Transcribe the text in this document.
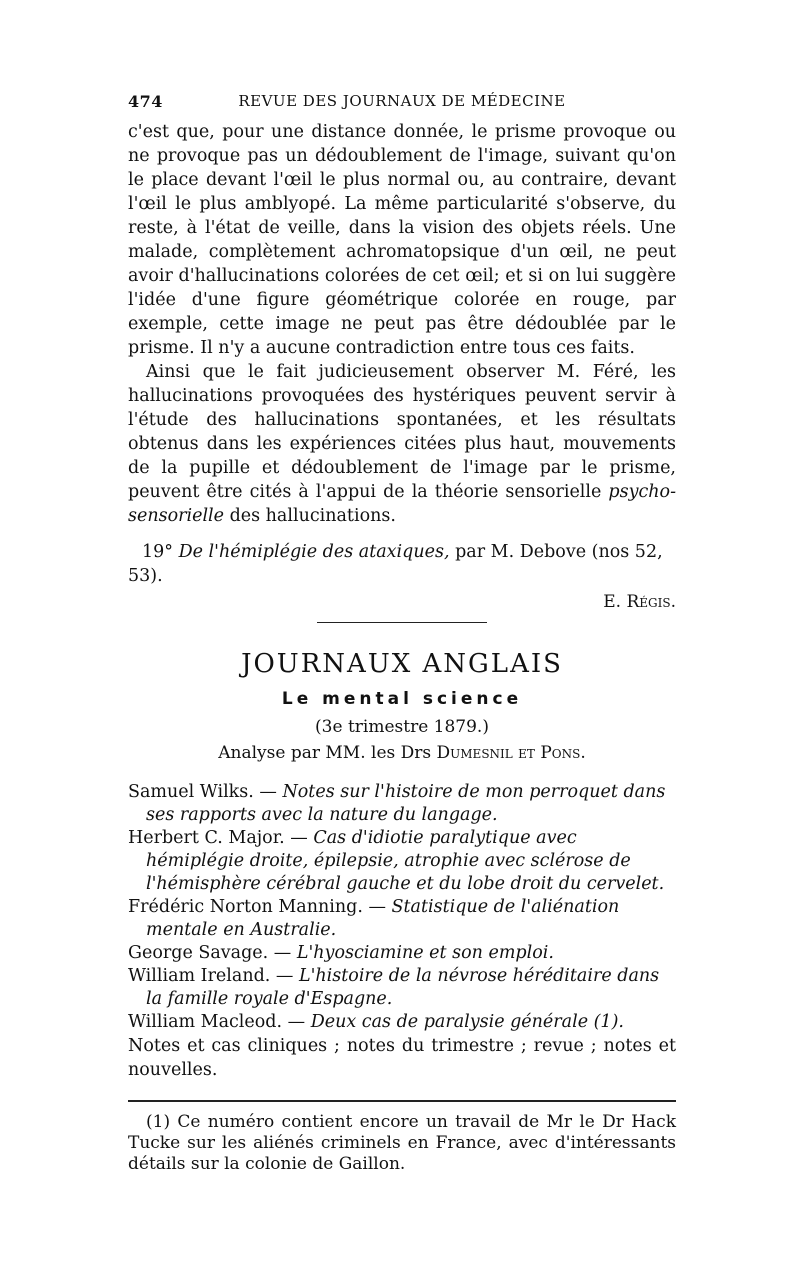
474	REVUE DES JOURNAUX DE MÉDECINE

c'est que, pour une distance donnée, le prisme provoque ou ne provoque pas un dédoublement de l'image, suivant qu'on le place devant l'œil le plus normal ou, au contraire, devant l'œil le plus amblyopé. La même particularité s'observe, du reste, à l'état de veille, dans la vision des objets réels. Une malade, complètement achromatopsique d'un œil, ne peut avoir d'hallucinations colorées de cet œil; et si on lui suggère l'idée d'une figure géométrique colorée en rouge, par exemple, cette image ne peut pas être dédoublée par le prisme. Il n'y a aucune contradiction entre tous ces faits.

Ainsi que le fait judicieusement observer M. Féré, les hallucinations provoquées des hystériques peuvent servir à l'étude des hallucinations spontanées, et les résultats obtenus dans les expériences citées plus haut, mouvements de la pupille et dédoublement de l'image par le prisme, peuvent être cités à l'appui de la théorie sensorielle psycho-sensorielle des hallucinations.

19° De l'hémiplégie des ataxiques, par M. Debove (nos 52, 53).

E. Régis.
JOURNAUX ANGLAIS
Le mental science
(3e trimestre 1879.)
Analyse par MM. les Drs Dumesnil et Pons.

Samuel Wilks. — Notes sur l'histoire de mon perroquet dans ses rapports avec la nature du langage.

Herbert C. Major. — Cas d'idiotie paralytique avec hémiplégie droite, épilepsie, atrophie avec sclérose de l'hémisphère cérébral gauche et du lobe droit du cervelet.

Frédéric Norton Manning. — Statistique de l'aliénation mentale en Australie.

George Savage. — L'hyosciamine et son emploi.

William Ireland. — L'histoire de la névrose héréditaire dans la famille royale d'Espagne.

William Macleod. — Deux cas de paralysie générale (1).

Notes et cas cliniques ; notes du trimestre ; revue ; notes et nouvelles.

(1) Ce numéro contient encore un travail de Mr le Dr Hack Tucke sur les aliénés criminels en France, avec d'intéressants détails sur la colonie de Gaillon.
